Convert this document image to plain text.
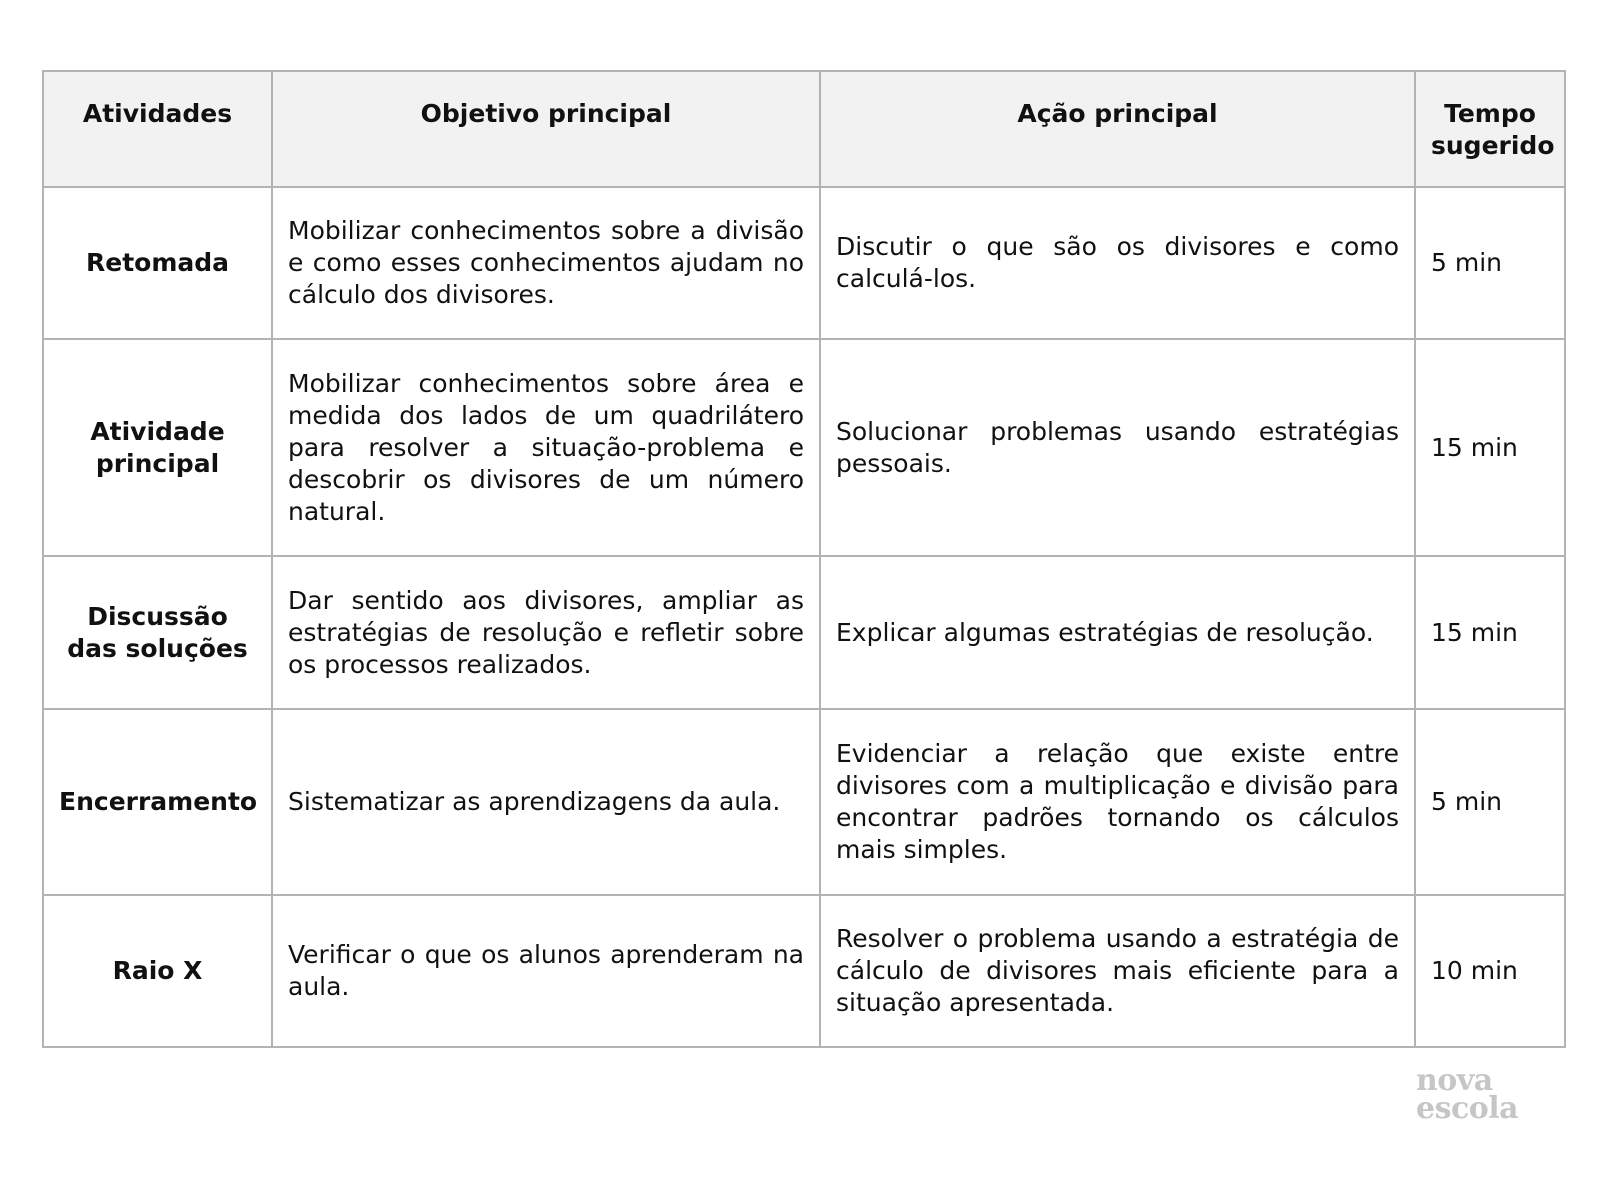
Atividades	Objetivo principal	Ação principal	Tempo sugerido
Retomada	Mobilizar conhecimentos sobre a divisão e como esses conhecimentos ajudam no cálculo dos divisores.	Discutir o que são os divisores e como calculá-los.	5 min
Atividade principal	Mobilizar conhecimentos sobre área e medida dos lados de um quadrilátero para resolver a situação-problema e descobrir os divisores de um número natural.	Solucionar problemas usando estratégias pessoais.	15 min
Discussão das soluções	Dar sentido aos divisores, ampliar as estratégias de resolução e refletir sobre os processos realizados.	Explicar algumas estratégias de resolução.	15 min
Encerramento	Sistematizar as aprendizagens da aula.	Evidenciar a relação que existe entre divisores com a multiplicação e divisão para encontrar padrões tornando os cálculos mais simples.	5 min
Raio X	Verificar o que os alunos aprenderam na aula.	Resolver o problema usando a estratégia de cálculo de divisores mais eficiente para a situação apresentada.	10 min
nova
escola
